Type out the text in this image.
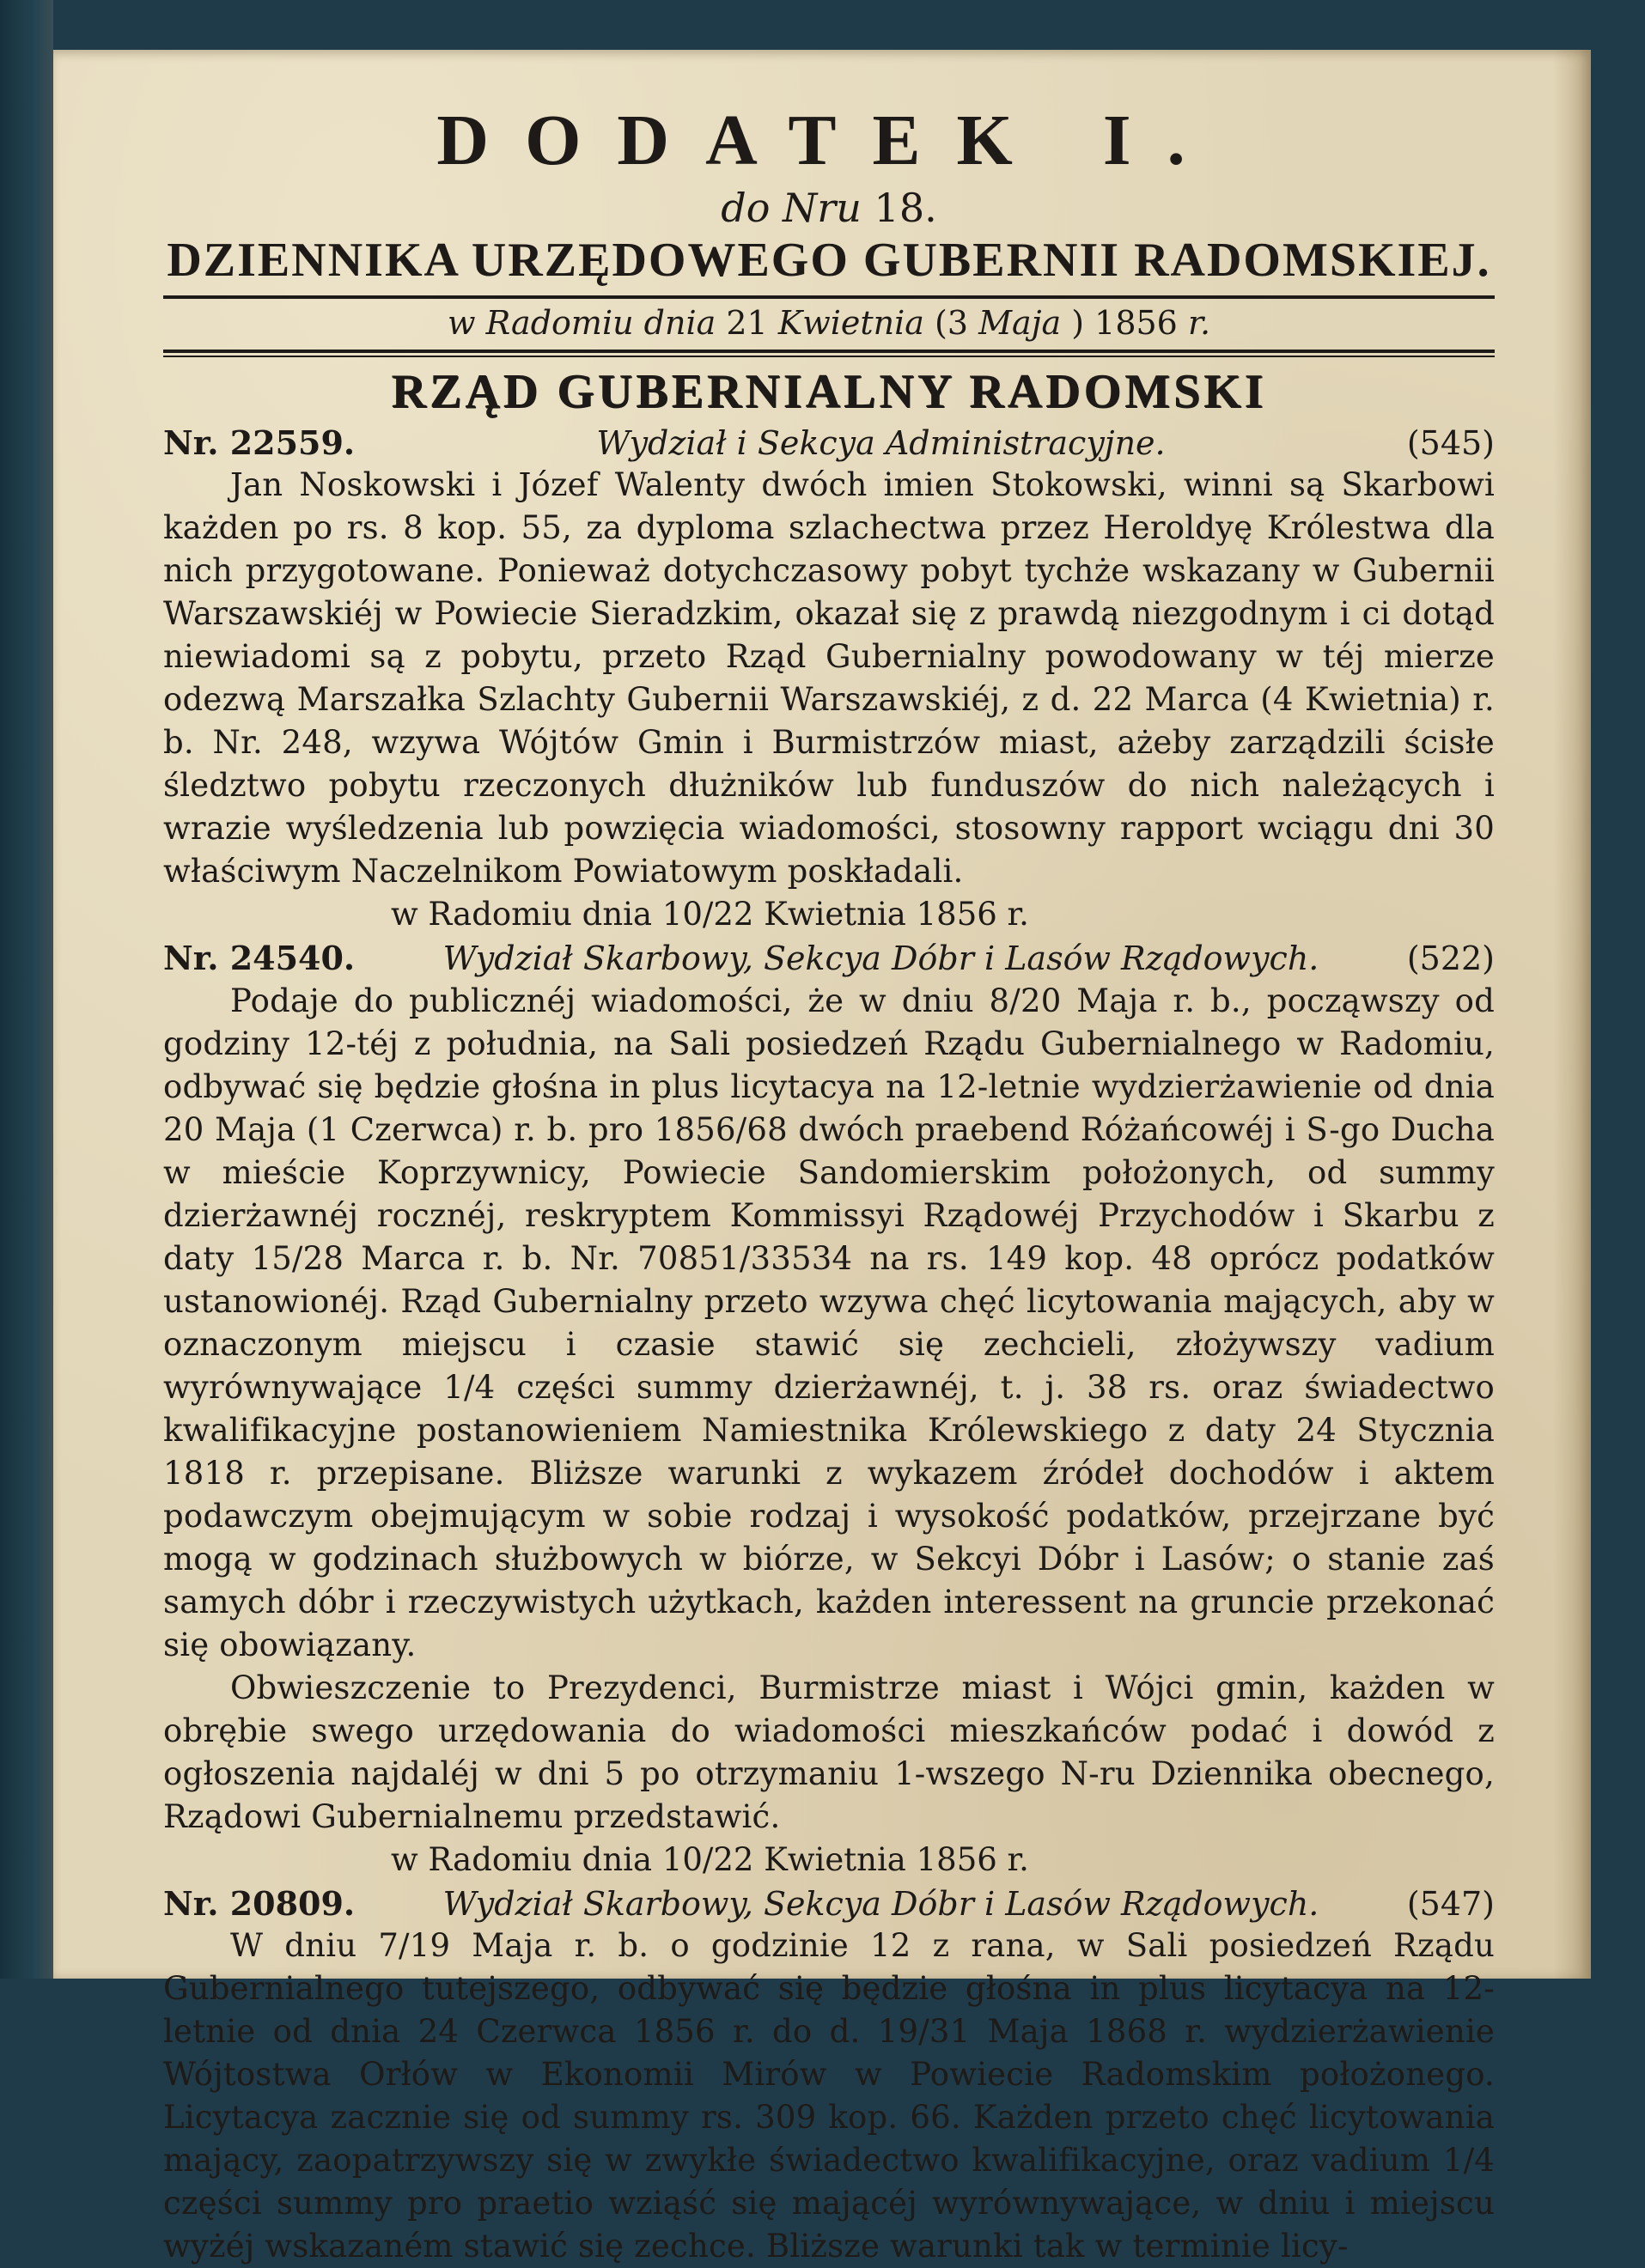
DODATEK I.
do Nru 18.
DZIENNIKA URZĘDOWEGO GUBERNII RADOMSKIEJ.
w Radomiu dnia 21 Kwietnia (3 Maja ) 1856 r.
RZĄD GUBERNIALNY RADOMSKI
Nr. 22559.	Wydział i Sekcya Administracyjne.	(545)

Jan Noskowski i Józef Walenty dwóch imien Stokowski, winni są Skarbowi każden po rs. 8 kop. 55, za dyploma szlachectwa przez Heroldyę Królestwa dla nich przygotowane. Ponieważ dotychczasowy pobyt tychże wskazany w Gubernii Warszawskiéj w Powiecie Sieradzkim, okazał się z prawdą niezgodnym i ci dotąd niewiadomi są z pobytu, przeto Rząd Gubernialny powodowany w téj mierze odezwą Marszałka Szlachty Gubernii Warszawskiéj, z d. 22 Marca (4 Kwietnia) r. b. Nr. 248, wzywa Wójtów Gmin i Burmistrzów miast, ażeby zarządzili ścisłe śledztwo pobytu rzeczonych dłużników lub funduszów do nich należących i wrazie wyśledzenia lub powzięcia wiadomości, stosowny rapport wciągu dni 30 właściwym Naczelnikom Powiatowym poskładali.

w Radomiu dnia 10/22 Kwietnia 1856 r.
Nr. 24540.	Wydział Skarbowy, Sekcya Dóbr i Lasów Rządowych.	(522)

Podaje do publicznéj wiadomości, że w dniu 8/20 Maja r. b., począwszy od godziny 12-téj z południa, na Sali posiedzeń Rządu Gubernialnego w Radomiu, odbywać się będzie głośna in plus licytacya na 12-letnie wydzierżawienie od dnia 20 Maja (1 Czerwca) r. b. pro 1856/68 dwóch praebend Różańcowéj i S-go Ducha w mieście Koprzywnicy, Powiecie Sandomierskim położonych, od summy dzierżawnéj rocznéj, reskryptem Kommissyi Rządowéj Przychodów i Skarbu z daty 15/28 Marca r. b. Nr. 70851/33534 na rs. 149 kop. 48 oprócz podatków ustanowionéj. Rząd Gubernialny przeto wzywa chęć licytowania mających, aby w oznaczonym miejscu i czasie stawić się zechcieli, złożywszy vadium wyrównywające 1/4 części summy dzierżawnéj, t. j. 38 rs. oraz świadectwo kwalifikacyjne postanowieniem Namiestnika Królewskiego z daty 24 Stycznia 1818 r. przepisane. Bliższe warunki z wykazem źródeł dochodów i aktem podawczym obejmującym w sobie rodzaj i wysokość podatków, przejrzane być mogą w godzinach służbowych w biórze, w Sekcyi Dóbr i Lasów; o stanie zaś samych dóbr i rzeczywistych użytkach, każden interessent na gruncie przekonać się obowiązany.

Obwieszczenie to Prezydenci, Burmistrze miast i Wójci gmin, każden w obrębie swego urzędowania do wiadomości mieszkańców podać i dowód z ogłoszenia najdaléj w dni 5 po otrzymaniu 1-wszego N-ru Dziennika obecnego, Rządowi Gubernialnemu przedstawić.

w Radomiu dnia 10/22 Kwietnia 1856 r.
Nr. 20809.	Wydział Skarbowy, Sekcya Dóbr i Lasów Rządowych.	(547)

W dniu 7/19 Maja r. b. o godzinie 12 z rana, w Sali posiedzeń Rządu Gubernialnego tutejszego, odbywać się będzie głośna in plus licytacya na 12-letnie od dnia 24 Czerwca 1856 r. do d. 19/31 Maja 1868 r. wydzierżawienie Wójtostwa Orłów w Ekonomii Mirów w Powiecie Radomskim położonego. Licytacya zacznie się od summy rs. 309 kop. 66. Każden przeto chęć licytowania mający, zaopatrzywszy się w zwykłe świadectwo kwalifikacyjne, oraz vadium 1/4 części summy pro praetio wziąść się mającéj wyrównywające, w dniu i miejscu wyżéj wskazaném stawić się zechce. Bliższe warunki tak w terminie licy-
